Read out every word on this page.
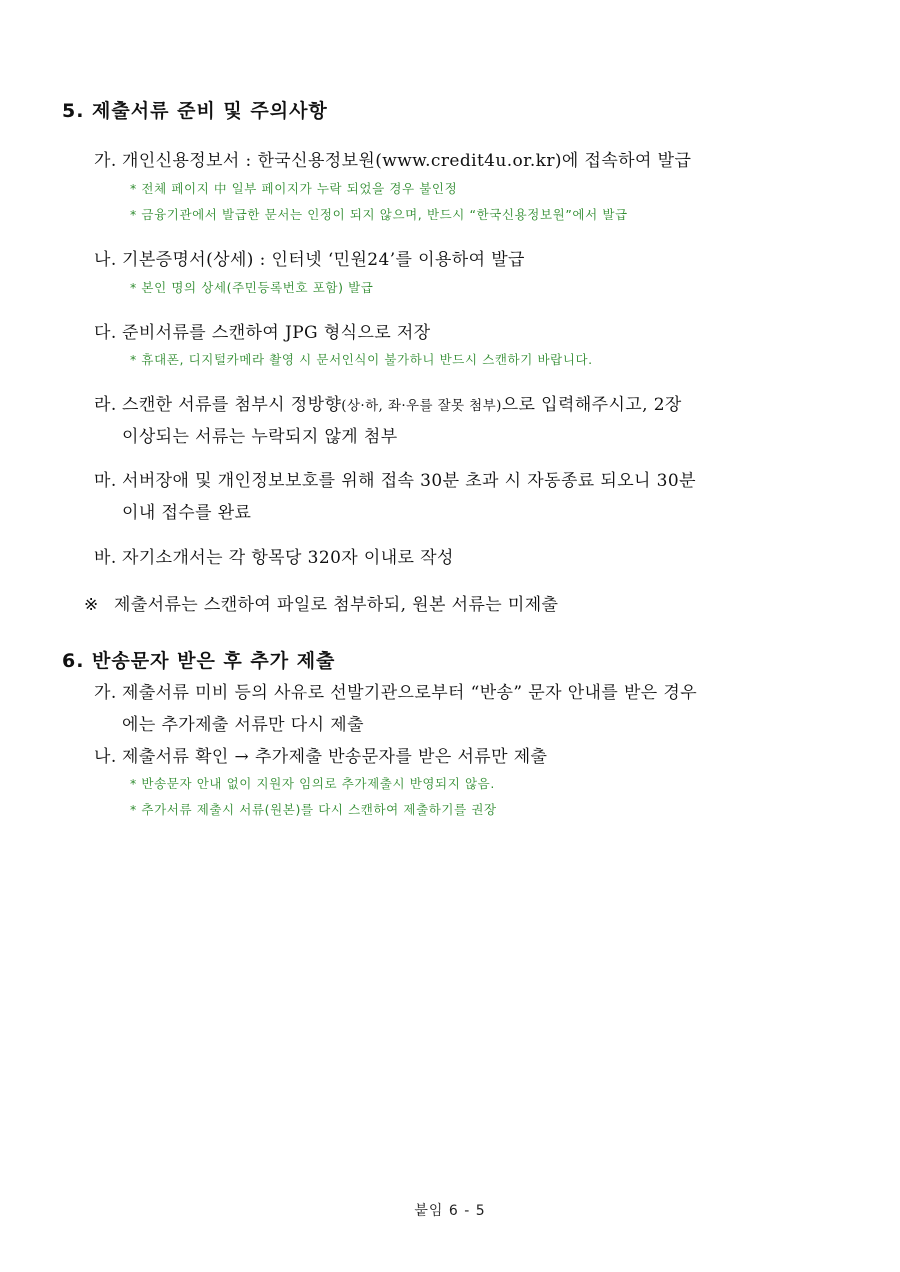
5. 제출서류 준비 및 주의사항
가. 개인신용정보서 : 한국신용정보원(www.credit4u.or.kr)에 접속하여 발급
* 전체 페이지 中 일부 페이지가 누락 되었을 경우 불인정
* 금융기관에서 발급한 문서는 인정이 되지 않으며, 반드시 “한국신용정보원”에서 발급
나. 기본증명서(상세) : 인터넷 ‘민원24’를 이용하여 발급
* 본인 명의 상세(주민등록번호 포함) 발급
다. 준비서류를 스캔하여 JPG 형식으로 저장
* 휴대폰, 디지털카메라 촬영 시 문서인식이 불가하니 반드시 스캔하기 바랍니다.
라. 스캔한 서류를 첨부시 정방향(상·하, 좌·우를 잘못 첨부)으로 입력해주시고, 2장
이상되는 서류는 누락되지 않게 첨부
마. 서버장애 및 개인정보보호를 위해 접속 30분 초과 시 자동종료 되오니 30분
이내 접수를 완료
바. 자기소개서는 각 항목당 320자 이내로 작성
※ 제출서류는 스캔하여 파일로 첨부하되, 원본 서류는 미제출
6. 반송문자 받은 후 추가 제출
가. 제출서류 미비 등의 사유로 선발기관으로부터 “반송” 문자 안내를 받은 경우
에는 추가제출 서류만 다시 제출
나. 제출서류 확인 → 추가제출 반송문자를 받은 서류만 제출
* 반송문자 안내 없이 지원자 임의로 추가제출시 반영되지 않음.
* 추가서류 제출시 서류(원본)를 다시 스캔하여 제출하기를 권장
붙임 6 - 5
